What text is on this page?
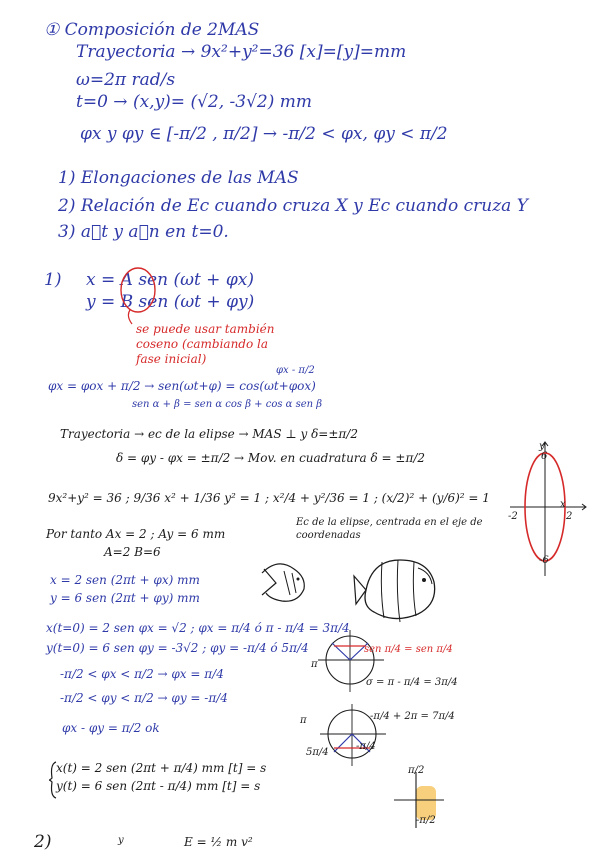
① Composición de 2MAS
Trayectoria → 9x²+y²=36 [x]=[y]=mm
ω=2π rad/s
t=0 → (x,y)= (√2, -3√2) mm
φx y φy ∈ [-π/2 , π/2] → -π/2 < φx, φy < π/2
1) Elongaciones de las MAS
2) Relación de Ec cuando cruza X y Ec cuando cruza Y
3) a⃗t y a⃗n en t=0.
1) x = A sen (ωt + φx)
y = B sen (ωt + φy)
se puede usar también coseno (cambiando la fase inicial)
φx = φox + π/2 → sen(ωt+φ) = cos(ωt+φox)
φx - π/2
sen α + β = sen α cos β + cos α sen β
Trayectoria → ec de la elipse → MAS ⊥ y δ=±π/2
δ = φy - φx = ±π/2 → Mov. en cuadratura δ = ±π/2
9x²+y² = 36 ; 9/36 x² + 1/36 y² = 1 ; x²/4 + y²/36 = 1 ; (x/2)² + (y/6)² = 1
Ec de la elipse, centrada en el eje de coordenadas
Por tanto Ax = 2 ; Ay = 6 mm
A=2 B=6
x = 2 sen (2πt + φx) mm
y = 6 sen (2πt + φy) mm
x(t=0) = 2 sen φx = √2 ; φx = π/4 ó π - π/4 = 3π/4
y(t=0) = 6 sen φy = -3√2 ; φy = -π/4 ó 5π/4
-π/2 < φx < π/2 → φx = π/4
-π/2 < φy < π/2 → φy = -π/4
φx - φy = π/2 ok
x(t) = 2 sen (2πt + π/4) mm [t] = s
y(t) = 6 sen (2πt - π/4) mm [t] = s
y
x
6
-6
-2	2
sen π/4 = sen π/4
π
σ = π - π/4 = 3π/4
π
-π/4
5π/4
-π/4 + 2π = 7π/4
π/2
-π/2
2)	y	E = ½ m v²
